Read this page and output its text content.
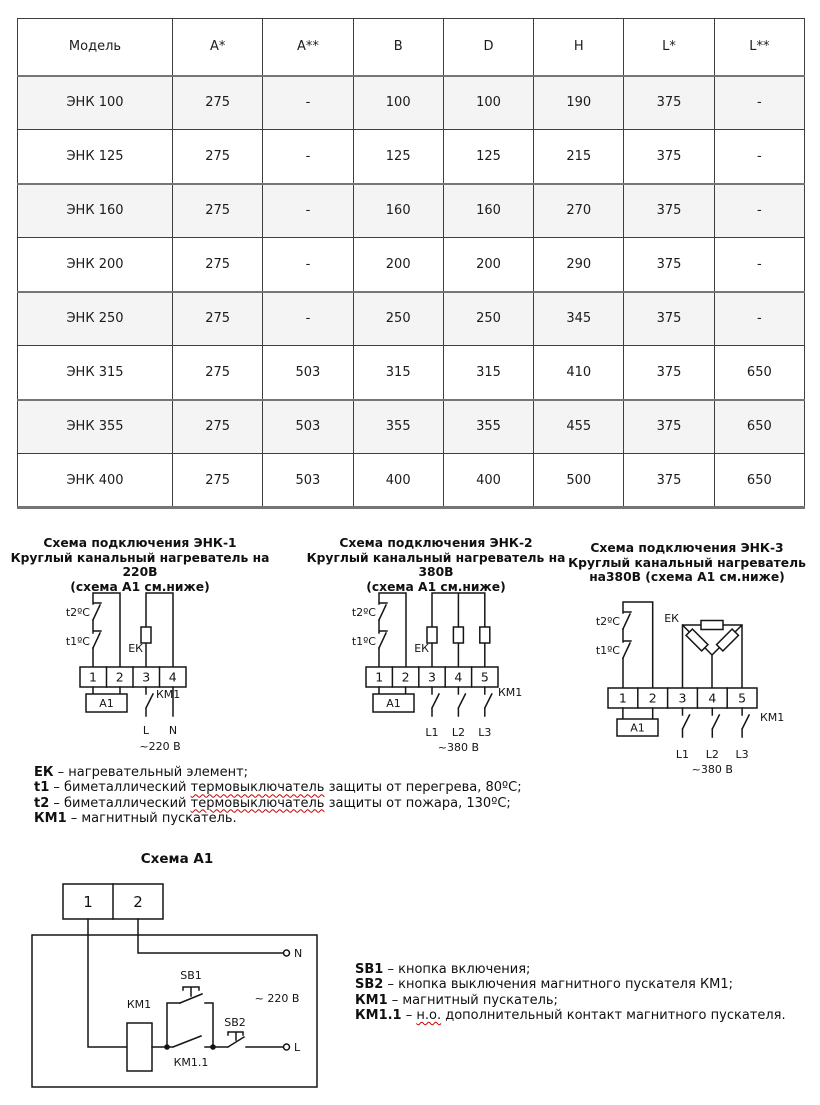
Модель	A*	A**	B	D	H	L*	L**
ЭНК 100	275	-	100	100	190	375	-
ЭНК 125	275	-	125	125	215	375	-
ЭНК 160	275	-	160	160	270	375	-
ЭНК 200	275	-	200	200	290	375	-
ЭНК 250	275	-	250	250	345	375	-
ЭНК 315	275	503	315	315	410	375	650
ЭНК 355	275	503	355	355	455	375	650
ЭНК 400	275	503	400	400	500	375	650
Схема подключения ЭНК-1
Круглый канальный нагреватель на 220В
(схема А1 см.ниже)
Схема подключения ЭНК-2
Круглый канальный нагреватель на 380В
(схема А1 см.ниже)
Схема подключения ЭНК-3
Круглый канальный нагреватель
на380В (схема А1 см.ниже)
1 2 3 4
А1
КМ1
L N
~220 В
t2ºC
t1ºC
ЕК
1 2 3 4 5
А1
КМ1
L1 L2 L3
~380 В
t2ºC
t1ºC
ЕК
1 2 3 4 5
А1
КМ1
L1 L2 L3
~380 В
t2ºC
t1ºC
ЕК
ЕК – нагревательный элемент;
t1 – биметаллический термовыключатель защиты от перегрева, 80ºС;
t2 – биметаллический термовыключатель защиты от пожара, 130ºС;
КМ1 – магнитный пускатель.
Схема А1
1	2
N
КМ1
КМ1.1
SB1
SB2
L
~ 220 В
SB1 – кнопка включения;
SB2 – кнопка выключения магнитного пускателя КМ1;
КМ1 – магнитный пускатель;
КМ1.1 – н.о. дополнительный контакт магнитного пускателя.
